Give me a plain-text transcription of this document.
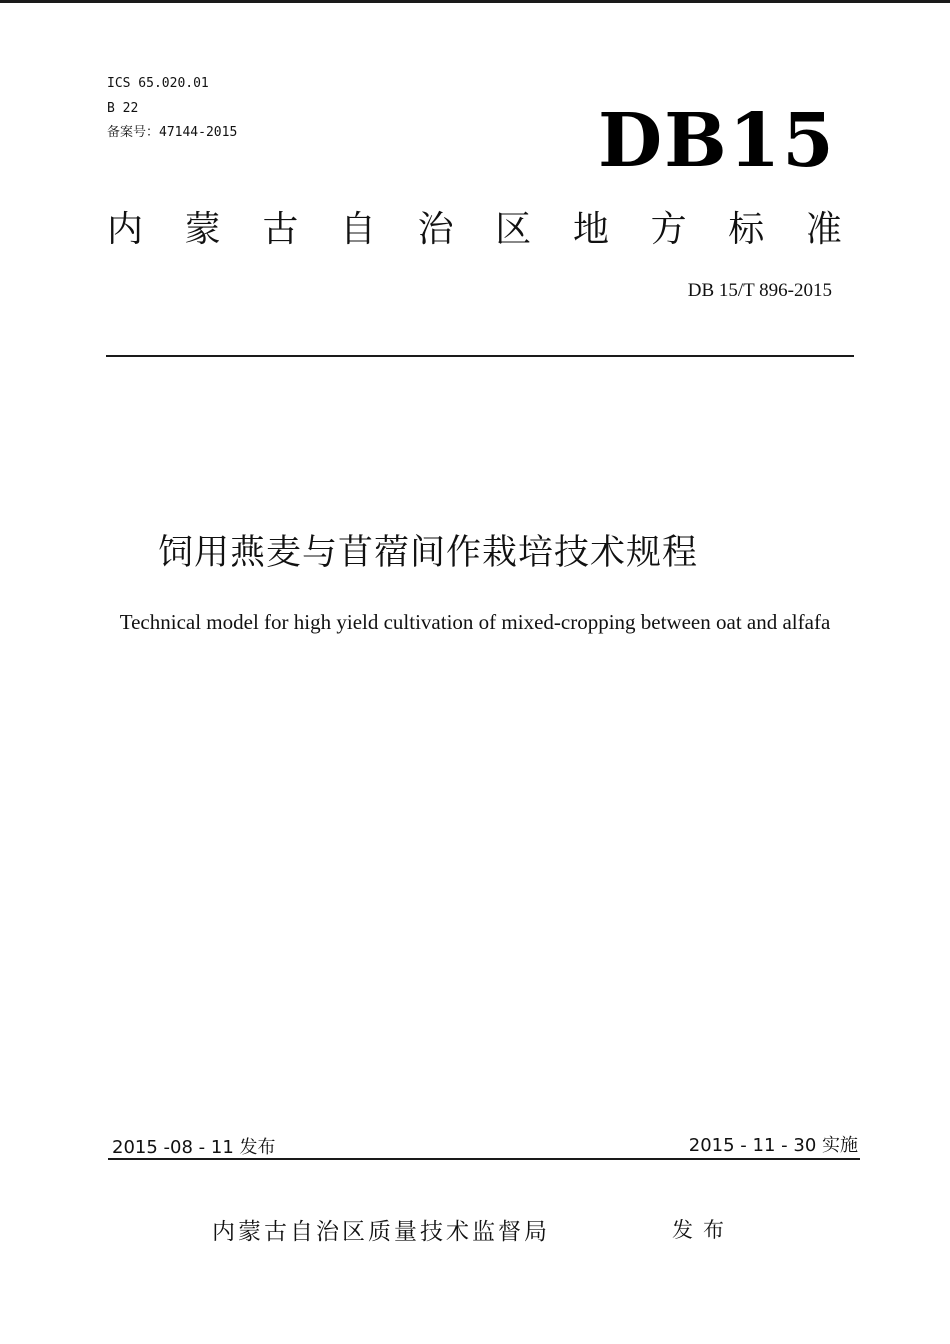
ICS 65.020.01
B 22
备案号：47144-2015	DB15
内 蒙 古 自 治 区 地 方 标 准
DB 15/T 896-2015
饲用燕麦与苜蓿间作栽培技术规程
Technical model for high yield cultivation of mixed-cropping between oat and alfafa
2015 -08 - 11 发布	2015 - 11 - 30 实施
内蒙古自治区质量技术监督局	发布
